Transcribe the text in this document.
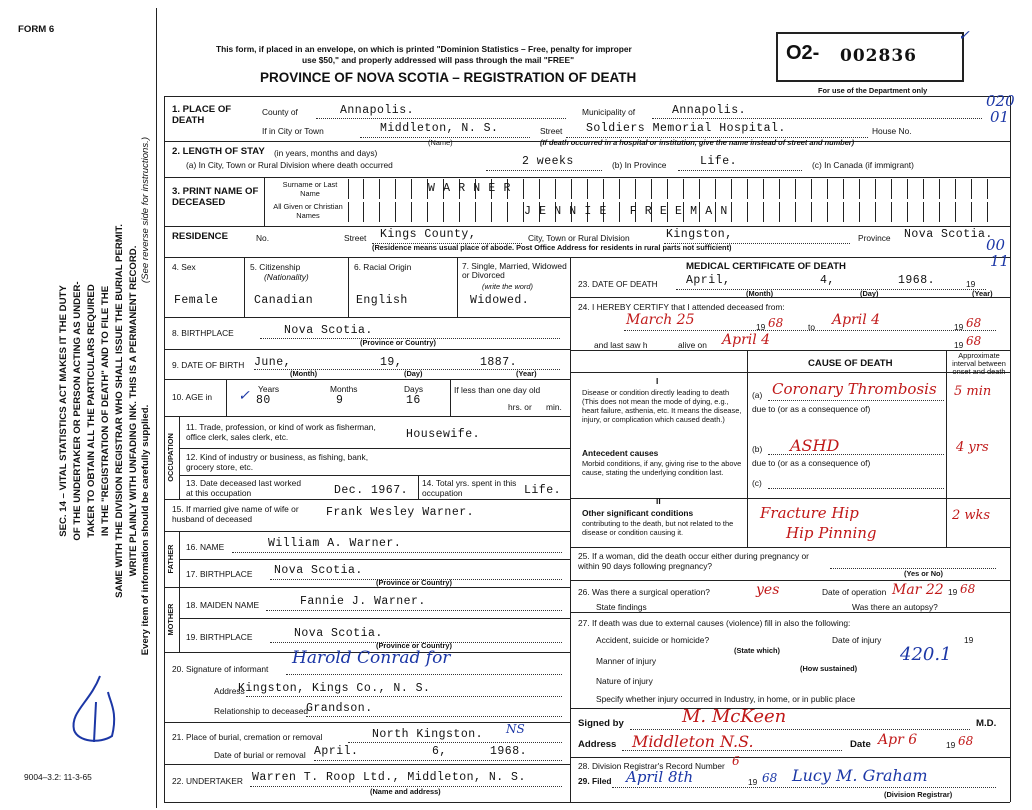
FORM 6
SEC. 14 – VITAL STATISTICS ACT MAKES IT THE DUTY OF THE UNDERTAKER OR PERSON ACTING AS UNDER- TAKER TO OBTAIN ALL THE PARTICULARS REQUIRED IN THE "REGISTRATION OF DEATH" AND TO FILE THE SAME WITH THE DIVISION REGISTRAR WHO SHALL ISSUE THE BURIAL PERMIT. WRITE PLAINLY WITH UNFADING INK. THIS IS A PERMANENT RECORD.
(See reverse side for instructions.)
Every item of information should be carefully supplied.
9004–3.2: 11-3-65
This form, if placed in an envelope, on which is printed "Dominion Statistics – Free, penalty for improper
use $50," and properly addressed will pass through the mail "FREE"
PROVINCE OF NOVA SCOTIA – REGISTRATION OF DEATH
O2- 002836
✓
For use of the Department only
020
01
00
11
1. PLACE OF DEATH
County of	Annapolis.	Municipality of	Annapolis.
If in City or Town	Middleton, N. S.
(Name)
Street Soldiers Memorial Hospital.	House No.
(If death occurred in a hospital or institution, give the name instead of street and number)
2. LENGTH OF STAY (in years, months and days)
(a) In City, Town or Rural Division where death occurred	2 weeks	(b) In Province	Life.	(c) In Canada (if immigrant)
3. PRINT NAME OF DECEASED
Surname or Last Name
All Given or Christian Names
WARNER
JENNIE FREEMAN
RESIDENCE	No.	Street Kings County,	City, Town or Rural Division	Kingston,	Province Nova Scotia.
(Residence means usual place of abode. Post Office Address for residents in rural parts not sufficient)
4. Sex
Female
5. Citizenship
(Nationality)
Canadian
6. Racial Origin
English
7. Single, Married, Widowed or Divorced
(write the word)
Widowed.
8. BIRTHPLACE	Nova Scotia.
(Province or Country)
9. DATE OF BIRTH June,	19,	1887.
(Month)	(Day)	(Year)
10. AGE in ✓ Years
80
Months
9
Days
16
If less than one day old
hrs. or min.
OCCUPATION
11. Trade, profession, or kind of work as fisherman, office clerk, sales clerk, etc.	Housewife.
12. Kind of industry or business, as fishing, bank, grocery store, etc.
13. Date deceased last worked at this occupation	Dec. 1967.
14. Total yrs. spent in this occupation	Life.
15. If married give name of wife or husband of deceased	Frank Wesley Warner.
FATHER 16. NAME	William A. Warner.
17. BIRTHPLACE Nova Scotia.
(Province or Country)
MOTHER 18. MAIDEN NAME	Fannie J. Warner.
19. BIRTHPLACE	Nova Scotia.
(Province or Country)
20. Signature of informant
Harold Conrad for
Address
Kingston, Kings Co., N. S.
Relationship to deceased
Grandson.
21. Place of burial, cremation or removal	North Kingston. NS
Date of burial or removal April.	6,	1968.
22. UNDERTAKER Warren T. Roop Ltd., Middleton, N. S.
(Name and address)
MEDICAL CERTIFICATE OF DEATH
23. DATE OF DEATH April,	4,	1968.	19
(Month)	(Day)	(Year)
24. I HEREBY CERTIFY that I attended deceased from:
March 25	19 68	to April 4	19 68
and last saw h	alive on April 4	19 68
CAUSE OF DEATH
Approximate interval between onset and death
I
Disease or condition directly leading to death (This does not mean the mode of dying, e.g., heart failure, asthenia, etc. It means the disease, injury, or complication which caused death.)
(a) Coronary Thrombosis 5 min
due to (or as a consequence of)
Antecedent causes
Morbid conditions, if any, giving rise to the above cause, stating the underlying condition last.
(b) ASHD	4 yrs
due to (or as a consequence of)
(c)
II
Other significant conditions
contributing to the death, but not related to the disease or condition causing it.
Fracture Hip
Hip Pinning
2 wks
25. If a woman, did the death occur either during pregnancy or within 90 days following pregnancy?
(Yes or No)
26. Was there a surgical operation?	yes	Date of operation Mar 22 19 68
State findings	Was there an autopsy?
27. If death was due to external causes (violence) fill in also the following:
Accident, suicide or homicide?	Date of injury	19
(State which)	420.1
Manner of injury
(How sustained)
Nature of injury
Specify whether injury occurred in Industry, in home, or in public place
Signed by	M. McKeen	M.D.
Address Middleton N.S.	Date Apr 6	19 68
28. Division Registrar's Record Number 6
29. Filed April 8th	19 68 Lucy M. Graham
(Division Registrar)
